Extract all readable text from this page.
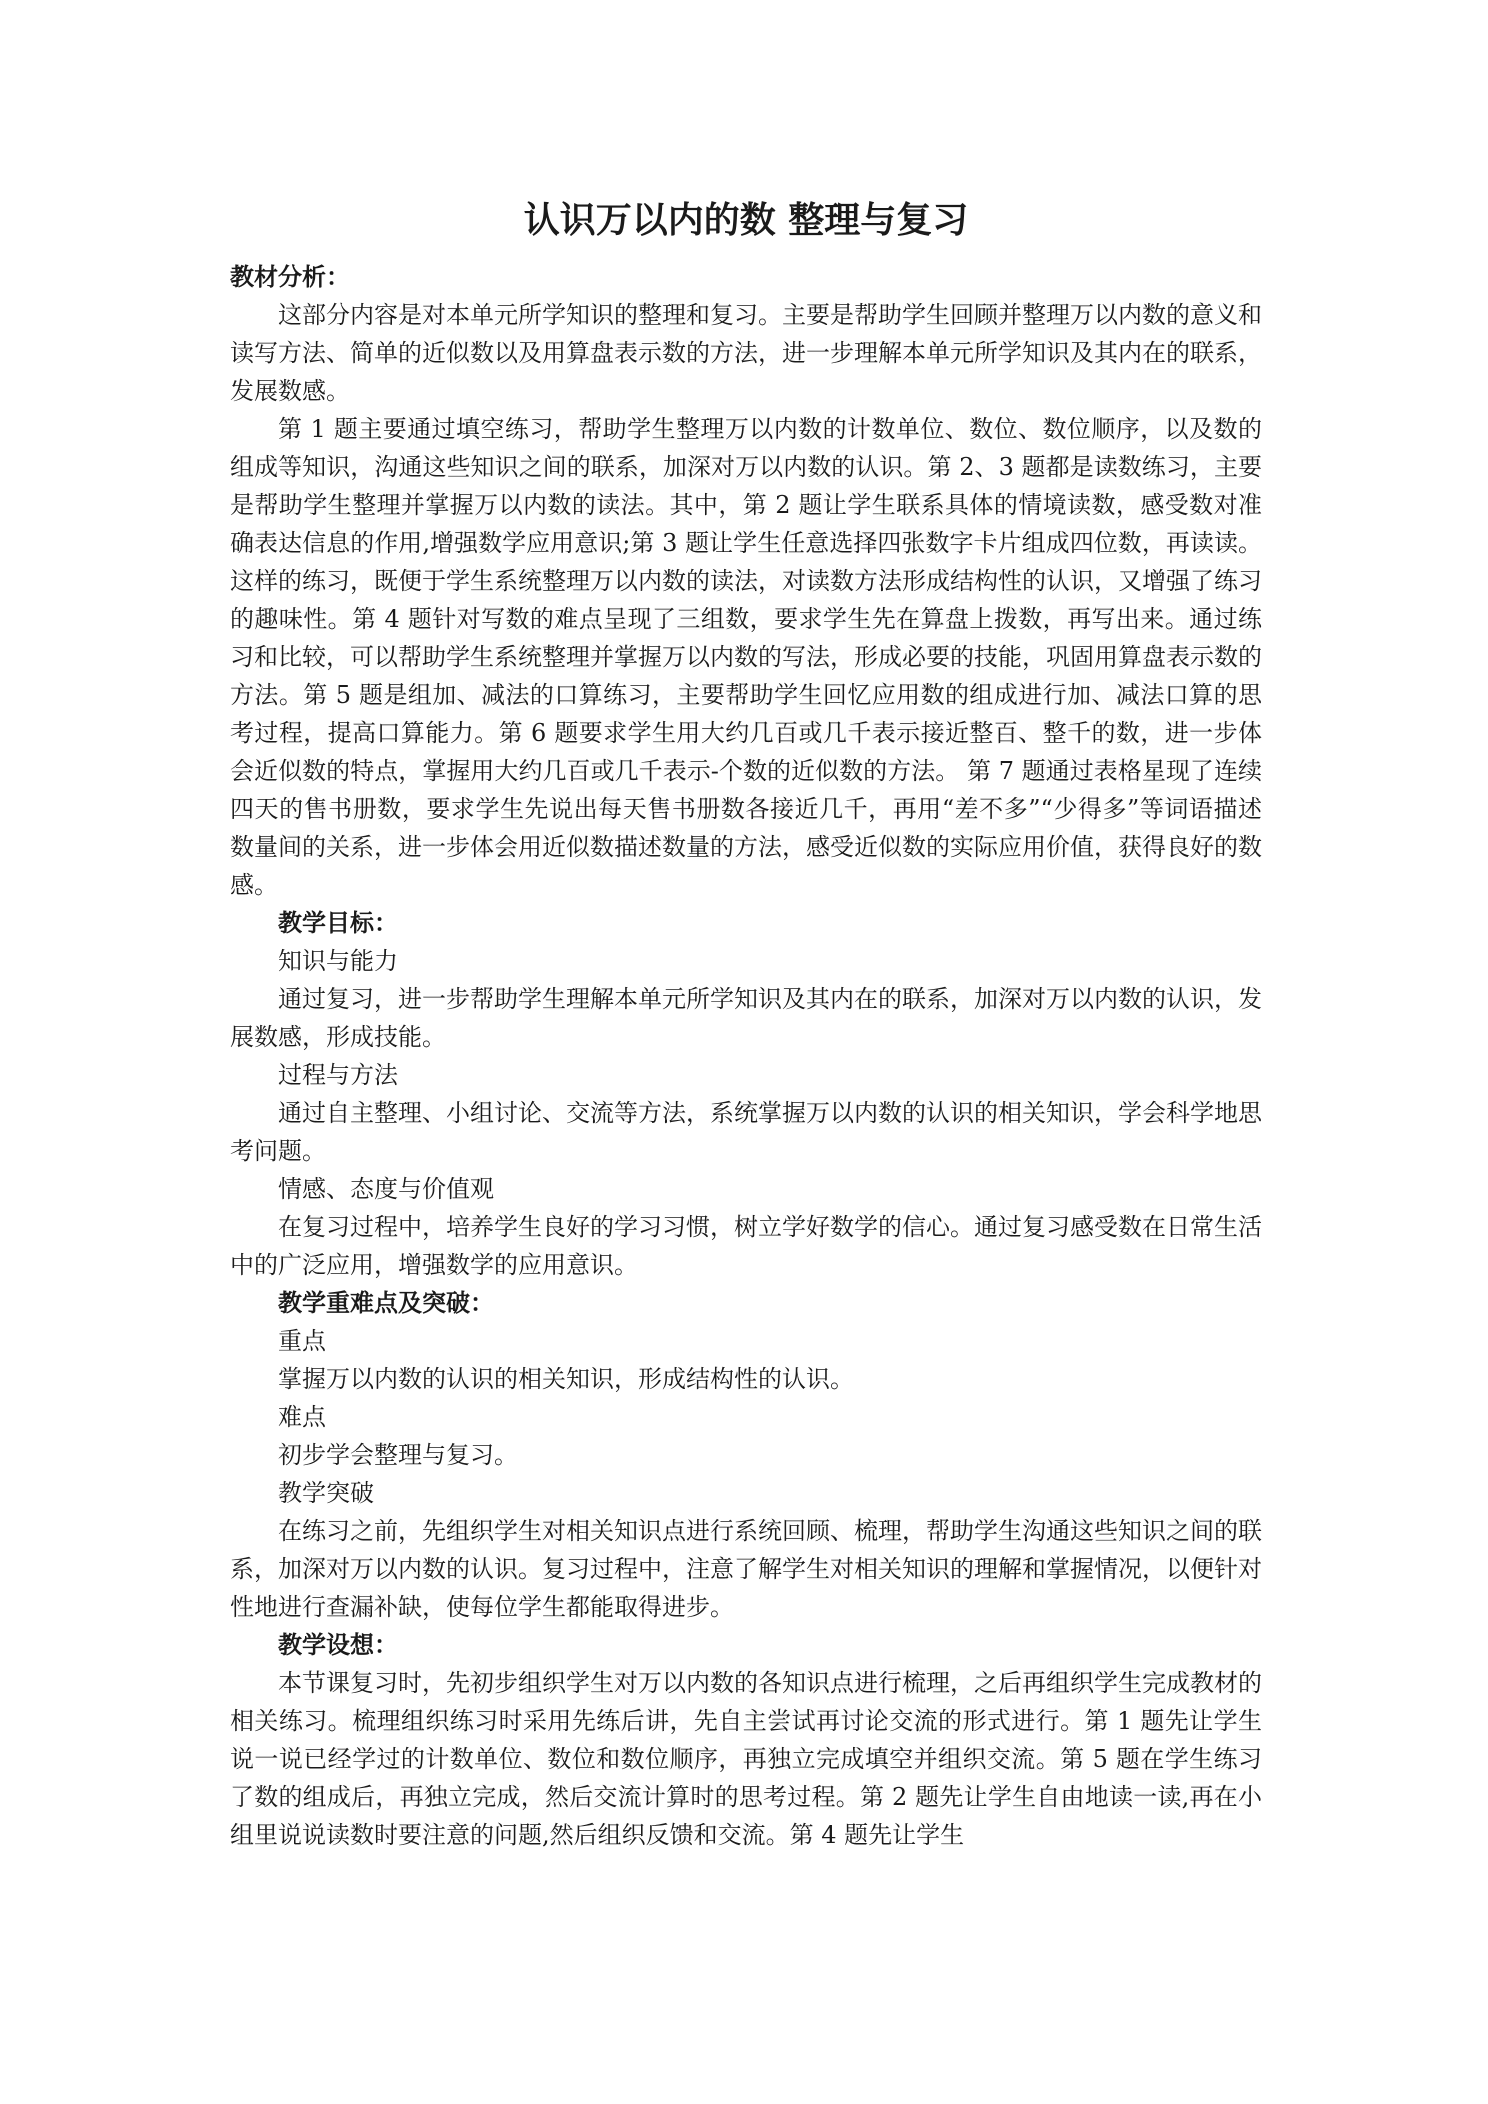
认识万以内的数 整理与复习

教材分析：

这部分内容是对本单元所学知识的整理和复习。主要是帮助学生回顾并整理万以内数的意义和读写方法、简单的近似数以及用算盘表示数的方法，进一步理解本单元所学知识及其内在的联系，发展数感。

第 1 题主要通过填空练习，帮助学生整理万以内数的计数单位、数位、数位顺序，以及数的组成等知识，沟通这些知识之间的联系，加深对万以内数的认识。第 2、3 题都是读数练习，主要是帮助学生整理并掌握万以内数的读法。其中，第 2 题让学生联系具体的情境读数，感受数对准确表达信息的作用,增强数学应用意识;第 3 题让学生任意选择四张数字卡片组成四位数，再读读。这样的练习，既便于学生系统整理万以内数的读法，对读数方法形成结构性的认识，又增强了练习的趣味性。第 4 题针对写数的难点呈现了三组数，要求学生先在算盘上拨数，再写出来。通过练习和比较，可以帮助学生系统整理并掌握万以内数的写法，形成必要的技能，巩固用算盘表示数的方法。第 5 题是组加、减法的口算练习，主要帮助学生回忆应用数的组成进行加、减法口算的思考过程，提高口算能力。第 6 题要求学生用大约几百或几千表示接近整百、整千的数，进一步体会近似数的特点，掌握用大约几百或几千表示-个数的近似数的方法。 第 7 题通过表格星现了连续四天的售书册数，要求学生先说出每天售书册数各接近几千，再用“差不多”“少得多”等词语描述数量间的关系，进一步体会用近似数描述数量的方法，感受近似数的实际应用价值，获得良好的数感。

教学目标：

知识与能力

通过复习，进一步帮助学生理解本单元所学知识及其内在的联系，加深对万以内数的认识，发展数感，形成技能。

过程与方法

通过自主整理、小组讨论、交流等方法，系统掌握万以内数的认识的相关知识，学会科学地思考问题。

情感、态度与价值观

在复习过程中，培养学生良好的学习习惯，树立学好数学的信心。通过复习感受数在日常生活中的广泛应用，增强数学的应用意识。

教学重难点及突破：

重点

掌握万以内数的认识的相关知识，形成结构性的认识。

难点

初步学会整理与复习。

教学突破

在练习之前，先组织学生对相关知识点进行系统回顾、梳理，帮助学生沟通这些知识之间的联系，加深对万以内数的认识。复习过程中，注意了解学生对相关知识的理解和掌握情况，以便针对性地进行查漏补缺，使每位学生都能取得进步。

教学设想：

本节课复习时，先初步组织学生对万以内数的各知识点进行梳理，之后再组织学生完成教材的相关练习。梳理组织练习时采用先练后讲，先自主尝试再讨论交流的形式进行。第 1 题先让学生说一说已经学过的计数单位、数位和数位顺序，再独立完成填空并组织交流。第 5 题在学生练习了数的组成后，再独立完成，然后交流计算时的思考过程。第 2 题先让学生自由地读一读,再在小组里说说读数时要注意的问题,然后组织反馈和交流。第 4 题先让学生
